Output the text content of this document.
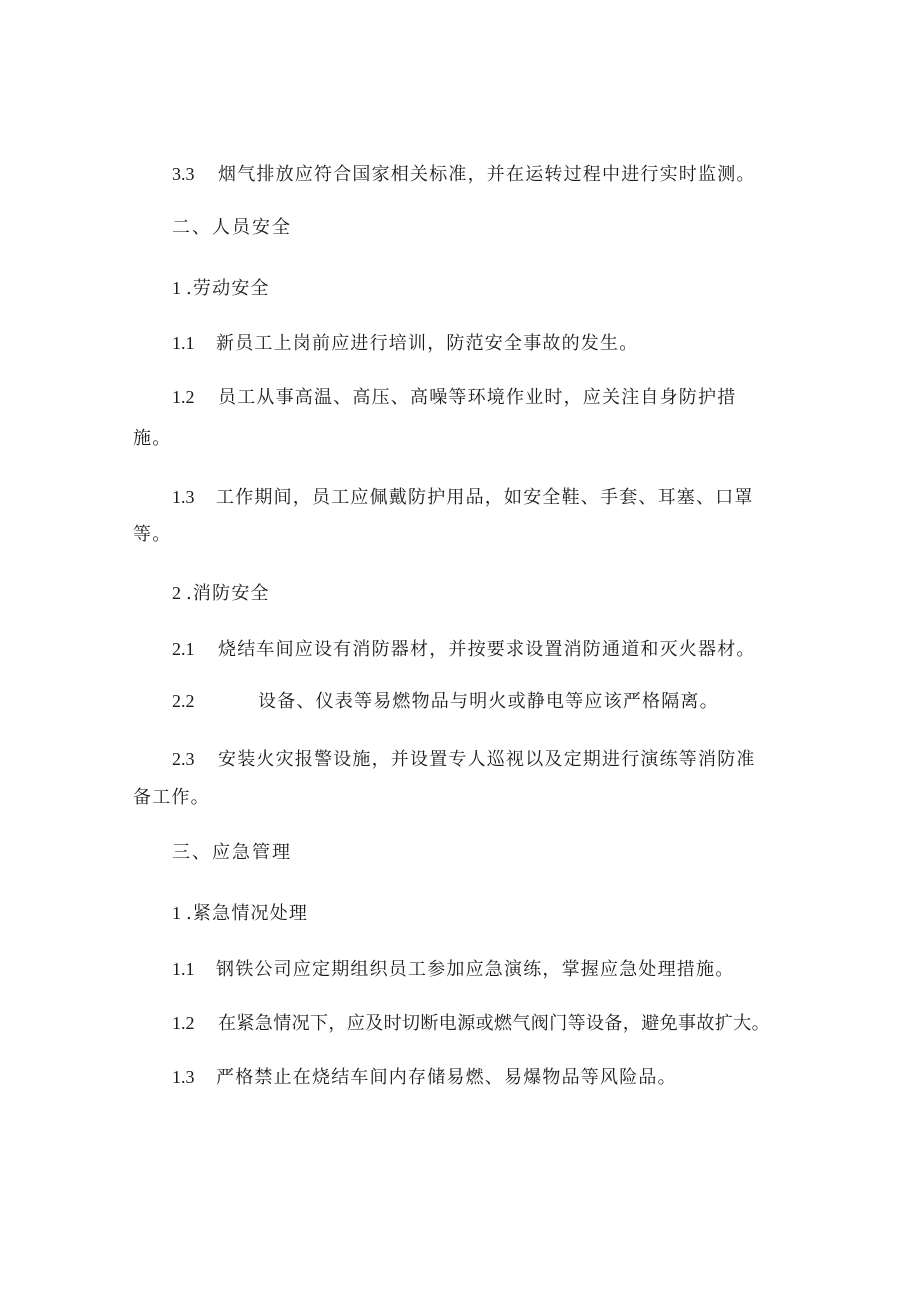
3.3 烟气排放应符合国家相关标准，并在运转过程中进行实时监测。
二、人员安全
1 .劳动安全
1.1 新员工上岗前应进行培训，防范安全事故的发生。
1.2 员工从事高温、高压、高噪等环境作业时，应关注自身防护措
施。
1.3 工作期间，员工应佩戴防护用品，如安全鞋、手套、耳塞、口罩
等。
2 .消防安全
2.1 烧结车间应设有消防器材，并按要求设置消防通道和灭火器材。
2.2	设备、仪表等易燃物品与明火或静电等应该严格隔离。
2.3 安装火灾报警设施，并设置专人巡视以及定期进行演练等消防准
备工作。
三、应急管理
1 .紧急情况处理
1.1 钢铁公司应定期组织员工参加应急演练，掌握应急处理措施。
1.2 在紧急情况下，应及时切断电源或燃气阀门等设备，避免事故扩大。
1.3 严格禁止在烧结车间内存储易燃、易爆物品等风险品。
